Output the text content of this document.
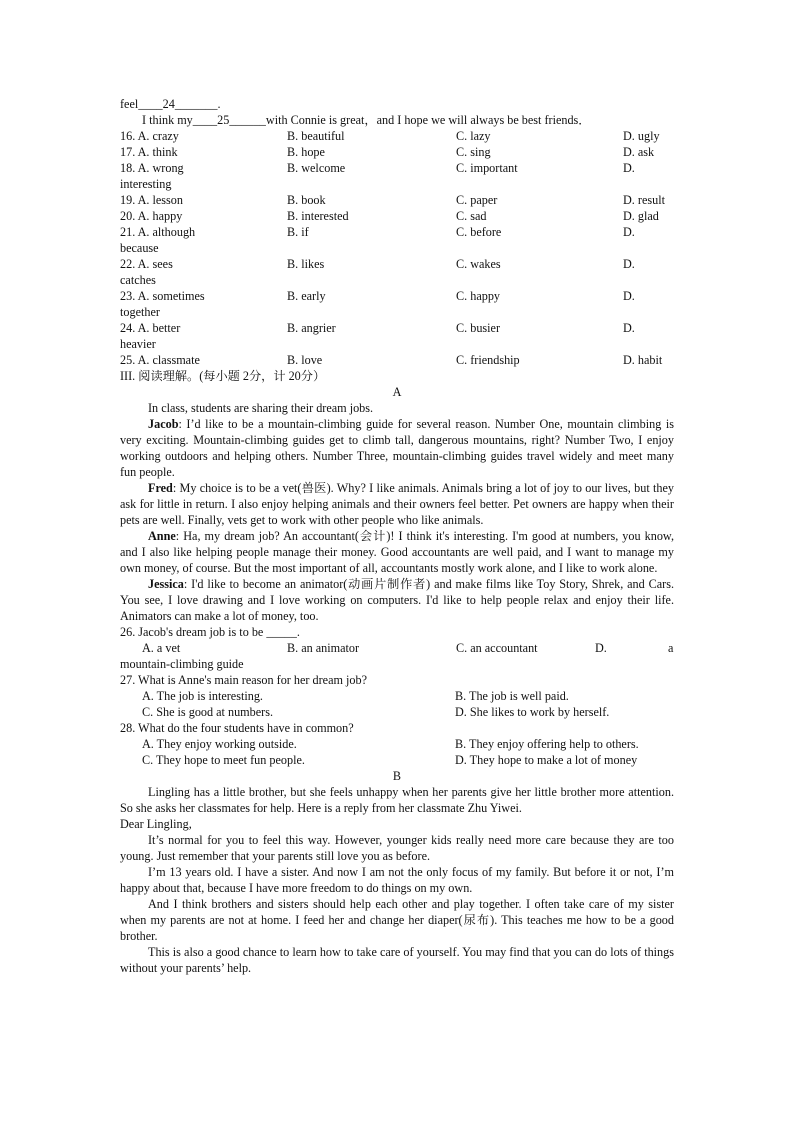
feel____24_______.
I think my____25______with Connie is great，and I hope we will always be best friends．
16. A. crazy	B. beautiful	C. lazy	D. ugly
17. A. think	B. hope	C. sing	D. ask
18. A. wrong	B. welcome	C. important	D.
interesting			
19. A. lesson	B. book	C. paper	D. result
20. A. happy	B. interested	C. sad	D. glad
21. A. although	B. if	C. before	D.
because			
22. A. sees	B. likes	C. wakes	D.
catches			
23. A. sometimes	B. early	C. happy	D.
together			
24. A. better	B. angrier	C. busier	D.
heavier			
25. A. classmate	B. love	C. friendship	D. habit
III. 阅读理解。(每小题 2分，计 20分）
A
In class, students are sharing their dream jobs.

Jacob: I’d like to be a mountain-climbing guide for several reason. Number One, mountain climbing is very exciting. Mountain-climbing guides get to climb tall, dangerous mountains, right? Number Two, I enjoy working outdoors and helping others. Number Three, mountain-climbing guides travel widely and meet many fun people.

Fred: My choice is to be a vet(兽医). Why? I like animals. Animals bring a lot of joy to our lives, but they ask for little in return. I also enjoy helping animals and their owners feel better. Pet owners are happy when their pets are well. Finally, vets get to work with other people who like animals.

Anne: Ha, my dream job? An accountant(会计)! I think it's interesting. I'm good at numbers, you know, and I also like helping people manage their money. Good accountants are well paid, and I want to manage my own money, of course. But the most important of all, accountants mostly work alone, and I like to work alone.

Jessica: I'd like to become an animator(动画片制作者) and make films like Toy Story, Shrek, and Cars. You see, I love drawing and I love working on computers. I'd like to help people relax and enjoy their life. Animators can make a lot of money, too.

26. Jacob's dream job is to be _____.
A. a vet	B. an animator	C. an accountant	D.	a
mountain-climbing guide
27. What is Anne's main reason for her dream job?
A. The job is interesting.	B. The job is well paid.
C. She is good at numbers.	D. She likes to work by herself.
28. What do the four students have in common?
A. They enjoy working outside.	B. They enjoy offering help to others.
C. They hope to meet fun people.	D. They hope to make a lot of money
B

Lingling has a little brother, but she feels unhappy when her parents give her little brother more attention. So she asks her classmates for help. Here is a reply from her classmate Zhu Yiwei.

Dear Lingling,

It’s normal for you to feel this way. However, younger kids really need more care because they are too young. Just remember that your parents still love you as before.

I’m 13 years old. I have a sister. And now I am not the only focus of my family. But before it or not, I’m happy about that, because I have more freedom to do things on my own.

And I think brothers and sisters should help each other and play together. I often take care of my sister when my parents are not at home. I feed her and change her diaper(尿布). This teaches me how to be a good brother.

This is also a good chance to learn how to take care of yourself. You may find that you can do lots of things without your parents’ help.
